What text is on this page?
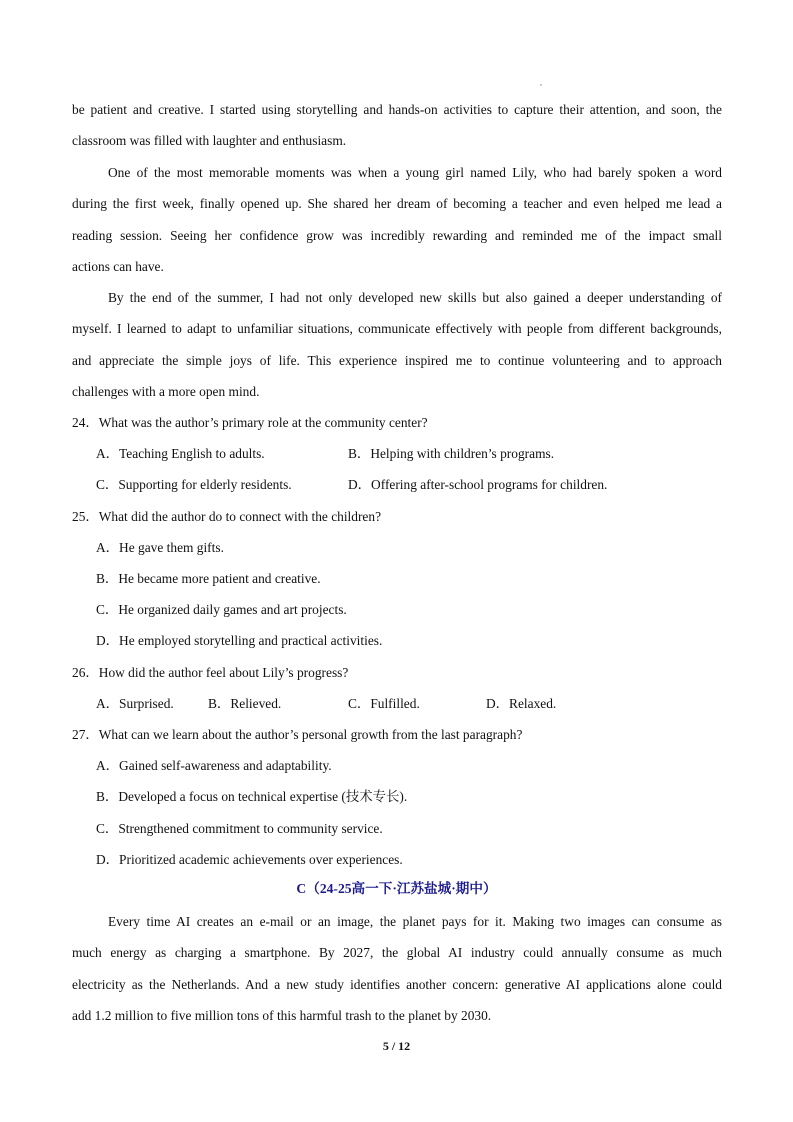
be patient and creative. I started using storytelling and hands-on activities to capture their attention, and soon, the
classroom was filled with laughter and enthusiasm.
One of the most memorable moments was when a young girl named Lily, who had barely spoken a word
during the first week, finally opened up. She shared her dream of becoming a teacher and even helped me lead a
reading session. Seeing her confidence grow was incredibly rewarding and reminded me of the impact small
actions can have.
By the end of the summer, I had not only developed new skills but also gained a deeper understanding of
myself. I learned to adapt to unfamiliar situations, communicate effectively with people from different backgrounds,
and appreciate the simple joys of life. This experience inspired me to continue volunteering and to approach
challenges with a more open mind.
24．What was the author’s primary role at the community center?
A．Teaching English to adults.	B．Helping with children’s programs.
C．Supporting for elderly residents.	D．Offering after-school programs for children.
25．What did the author do to connect with the children?
A．He gave them gifts.
B．He became more patient and creative.
C．He organized daily games and art projects.
D．He employed storytelling and practical activities.
26．How did the author feel about Lily’s progress?
A．Surprised.	B．Relieved.	C．Fulfilled.	D．Relaxed.
27．What can we learn about the author’s personal growth from the last paragraph?
A．Gained self-awareness and adaptability.
B．Developed a focus on technical expertise (技术专长).
C．Strengthened commitment to community service.
D．Prioritized academic achievements over experiences.
C（24-25高一下·江苏盐城·期中）
Every time AI creates an e-mail or an image, the planet pays for it. Making two images can consume as
much energy as charging a smartphone. By 2027, the global AI industry could annually consume as much
electricity as the Netherlands. And a new study identifies another concern: generative AI applications alone could
add 1.2 million to five million tons of this harmful trash to the planet by 2030.
5 / 12
